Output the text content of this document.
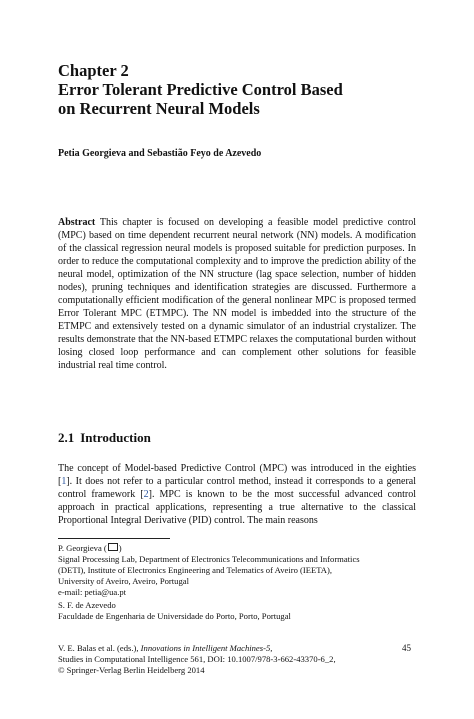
Chapter 2
Error Tolerant Predictive Control Based
on Recurrent Neural Models
Petia Georgieva and Sebastião Feyo de Azevedo

Abstract This chapter is focused on developing a feasible model predictive control (MPC) based on time dependent recurrent neural network (NN) models. A modification of the classical regression neural models is proposed suitable for prediction purposes. In order to reduce the computational complexity and to improve the prediction ability of the neural model, optimization of the NN structure (lag space selection, number of hidden nodes), pruning techniques and identification strategies are discussed. Furthermore a computationally efficient modification of the general nonlinear MPC is proposed termed Error Tolerant MPC (ETMPC). The NN model is imbedded into the structure of the ETMPC and extensively tested on a dynamic simulator of an industrial crystalizer. The results demonstrate that the NN-based ETMPC relaxes the computational burden without losing closed loop performance and can complement other solutions for feasible industrial real time control.

2.1 Introduction

The concept of Model-based Predictive Control (MPC) was introduced in the eighties [1]. It does not refer to a particular control method, instead it corresponds to a general control framework [2]. MPC is known to be the most successful advanced control approach in practical applications, representing a true alternative to the classical Proportional Integral Derivative (PID) control. The main reasons

P. Georgieva ( )
Signal Processing Lab, Department of Electronics Telecommunications and Informatics
(DETI), Institute of Electronics Engineering and Telematics of Aveiro (IEETA),
University of Aveiro, Aveiro, Portugal
e-mail: petia@ua.pt
S. F. de Azevedo
Faculdade de Engenharia de Universidade do Porto, Porto, Portugal
V. E. Balas et al. (eds.), Innovations in Intelligent Machines-5,
Studies in Computational Intelligence 561, DOI: 10.1007/978-3-662-43370-6_2,
© Springer-Verlag Berlin Heidelberg 2014
45
